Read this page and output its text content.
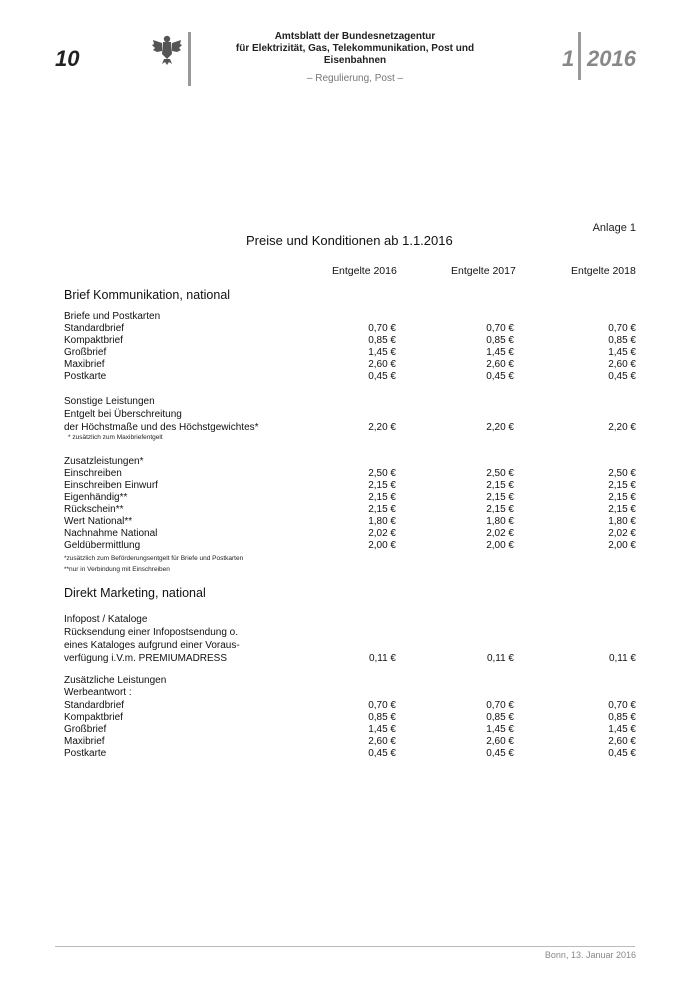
10
Amtsblatt der Bundesnetzagentur
für Elektrizität, Gas, Telekommunikation, Post und Eisenbahnen
– Regulierung, Post –
1 2016
Anlage 1
Preise und Konditionen ab 1.1.2016
Entgelte 2016	Entgelte 2017	Entgelte 2018
Brief Kommunikation, national
Briefe und Postkarten
Standardbrief	0,70 €	0,70 €	0,70 €
Kompaktbrief	0,85 €	0,85 €	0,85 €
Großbrief	1,45 €	1,45 €	1,45 €
Maxibrief	2,60 €	2,60 €	2,60 €
Postkarte	0,45 €	0,45 €	0,45 €
Sonstige Leistungen
Entgelt bei Überschreitung
der Höchstmaße und des Höchstgewichtes*	2,20 €	2,20 €	2,20 €
* zusätzlich zum Maxibriefentgelt
Zusatzleistungen*
Einschreiben	2,50 €	2,50 €	2,50 €
Einschreiben Einwurf	2,15 €	2,15 €	2,15 €
Eigenhändig**	2,15 €	2,15 €	2,15 €
Rückschein**	2,15 €	2,15 €	2,15 €
Wert National**	1,80 €	1,80 €	1,80 €
Nachnahme National	2,02 €	2,02 €	2,02 €
Geldübermittlung	2,00 €	2,00 €	2,00 €
*zusätzlich zum Beförderungsentgelt für Briefe und Postkarten
**nur in Verbindung mit Einschreiben
Direkt Marketing, national
Infopost / Kataloge
Rücksendung einer Infopostsendung o.
eines Kataloges aufgrund einer Voraus-
verfügung i.V.m. PREMIUMADRESS	0,11 €	0,11 €	0,11 €
Zusätzliche Leistungen
Werbeantwort :
Standardbrief	0,70 €	0,70 €	0,70 €
Kompaktbrief	0,85 €	0,85 €	0,85 €
Großbrief	1,45 €	1,45 €	1,45 €
Maxibrief	2,60 €	2,60 €	2,60 €
Postkarte	0,45 €	0,45 €	0,45 €
Bonn, 13. Januar 2016
